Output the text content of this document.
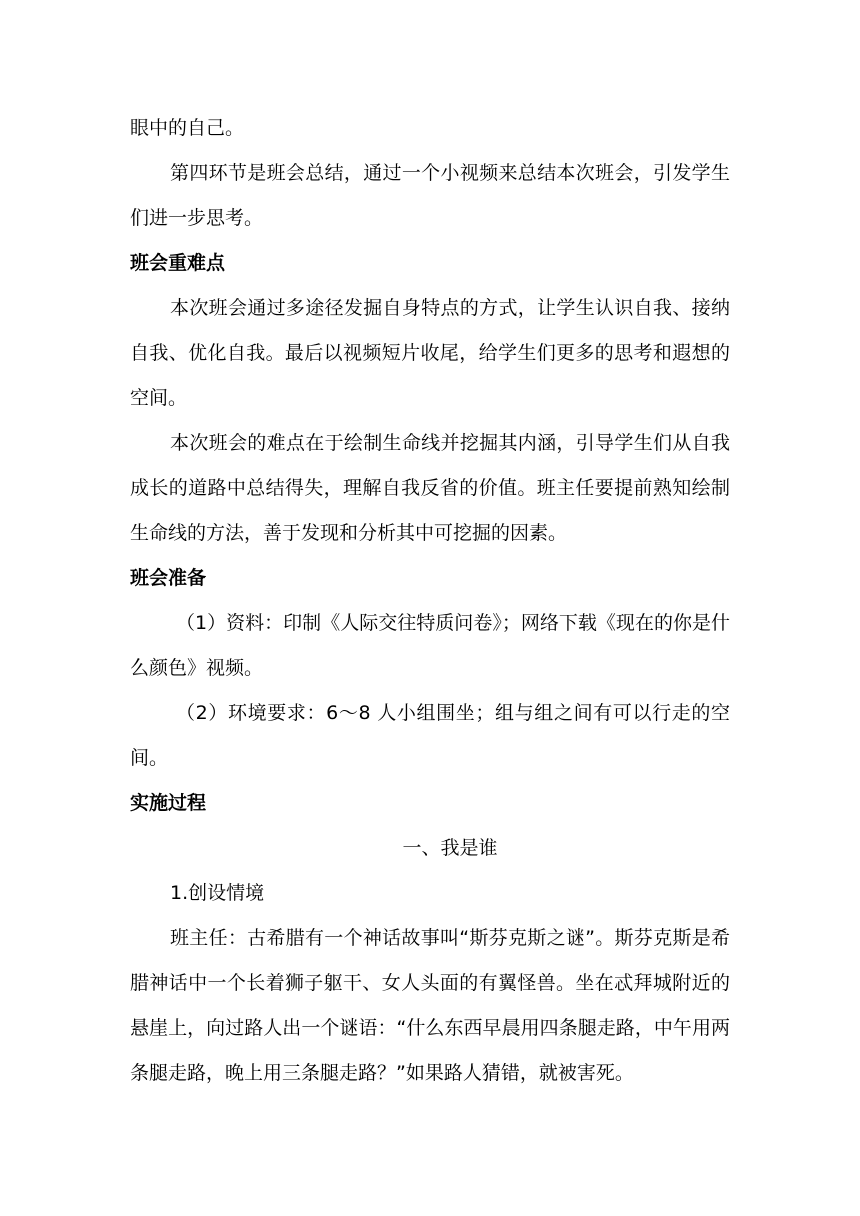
眼中的自己。

第四环节是班会总结，通过一个小视频来总结本次班会，引发学生们进一步思考。

班会重难点

本次班会通过多途径发掘自身特点的方式，让学生认识自我、接纳自我、优化自我。最后以视频短片收尾，给学生们更多的思考和遐想的空间。

本次班会的难点在于绘制生命线并挖掘其内涵，引导学生们从自我成长的道路中总结得失，理解自我反省的价值。班主任要提前熟知绘制生命线的方法，善于发现和分析其中可挖掘的因素。

班会准备

（1）资料：印制《人际交往特质问卷》；网络下载《现在的你是什么颜色》视频。

（2）环境要求：6～8 人小组围坐；组与组之间有可以行走的空间。

实施过程

一、我是谁

1.创设情境

班主任：古希腊有一个神话故事叫“斯芬克斯之谜”。斯芬克斯是希腊神话中一个长着狮子躯干、女人头面的有翼怪兽。坐在忒拜城附近的悬崖上，向过路人出一个谜语：“什么东西早晨用四条腿走路，中午用两条腿走路，晚上用三条腿走路？”如果路人猜错，就被害死。
